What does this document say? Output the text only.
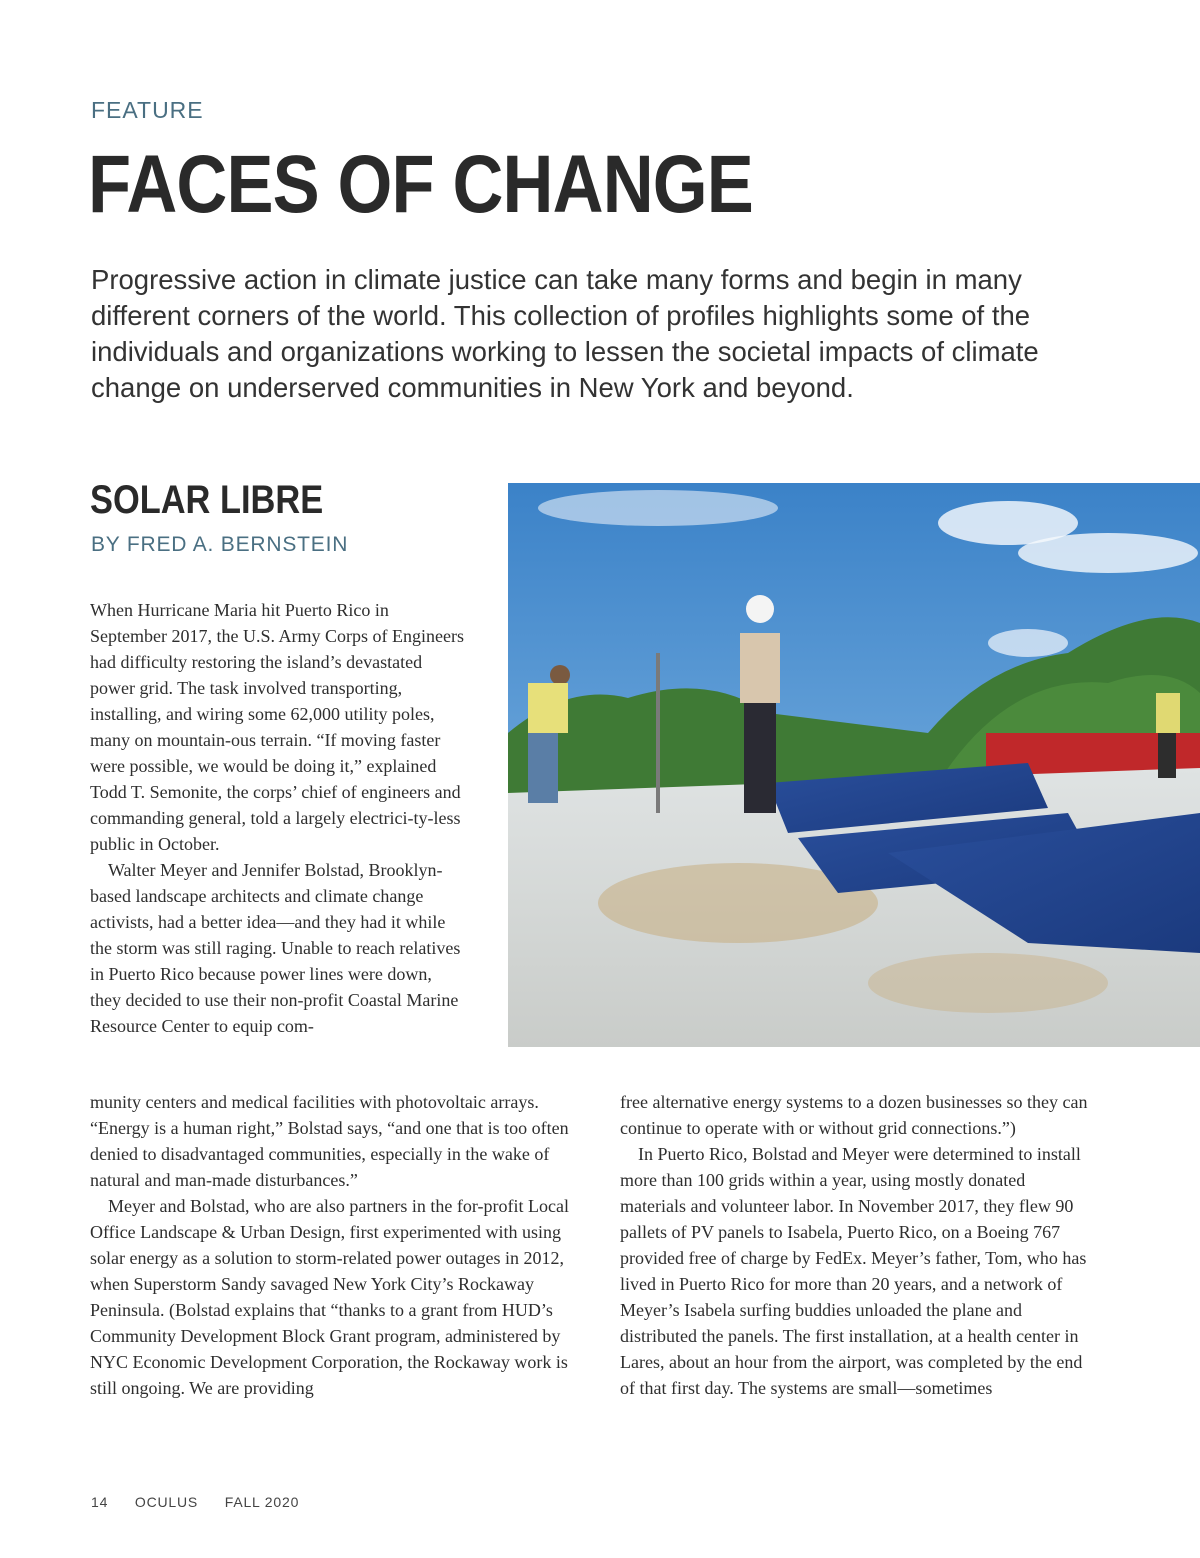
FEATURE
FACES OF CHANGE

Progressive action in climate justice can take many forms and begin in many different corners of the world. This collection of profiles highlights some of the individuals and organizations working to lessen the societal impacts of climate change on underserved communities in New York and beyond.

SOLAR LIBRE
BY FRED A. BERNSTEIN

When Hurricane Maria hit Puerto Rico in September 2017, the U.S. Army Corps of Engineers had difficulty restoring the island’s devastated power grid. The task involved transporting, installing, and wiring some 62,000 utility poles, many on mountain-ous terrain. “If moving faster were possible, we would be doing it,” explained Todd T. Semonite, the corps’ chief of engineers and commanding general, told a largely electrici-ty-less public in October.

Walter Meyer and Jennifer Bolstad, Brooklyn-based landscape architects and climate change activists, had a better idea—and they had it while the storm was still raging. Unable to reach relatives in Puerto Rico because power lines were down, they decided to use their non-profit Coastal Marine Resource Center to equip com-

munity centers and medical facilities with photovoltaic arrays. “Energy is a human right,” Bolstad says, “and one that is too often denied to disadvantaged communities, especially in the wake of natural and man-made disturbances.”

Meyer and Bolstad, who are also partners in the for-profit Local Office Landscape & Urban Design, first experimented with using solar energy as a solution to storm-related power outages in 2012, when Superstorm Sandy savaged New York City’s Rockaway Peninsula. (Bolstad explains that “thanks to a grant from HUD’s Community Development Block Grant program, administered by NYC Economic Development Corporation, the Rockaway work is still ongoing. We are providing

free alternative energy systems to a dozen businesses so they can continue to operate with or without grid connections.”)

In Puerto Rico, Bolstad and Meyer were determined to install more than 100 grids within a year, using mostly donated materials and volunteer labor. In November 2017, they flew 90 pallets of PV panels to Isabela, Puerto Rico, on a Boeing 767 provided free of charge by FedEx. Meyer’s father, Tom, who has lived in Puerto Rico for more than 20 years, and a network of Meyer’s Isabela surfing buddies unloaded the plane and distributed the panels. The first installation, at a health center in Lares, about an hour from the airport, was completed by the end of that first day. The systems are small—sometimes

14 OCULUS FALL 2020
